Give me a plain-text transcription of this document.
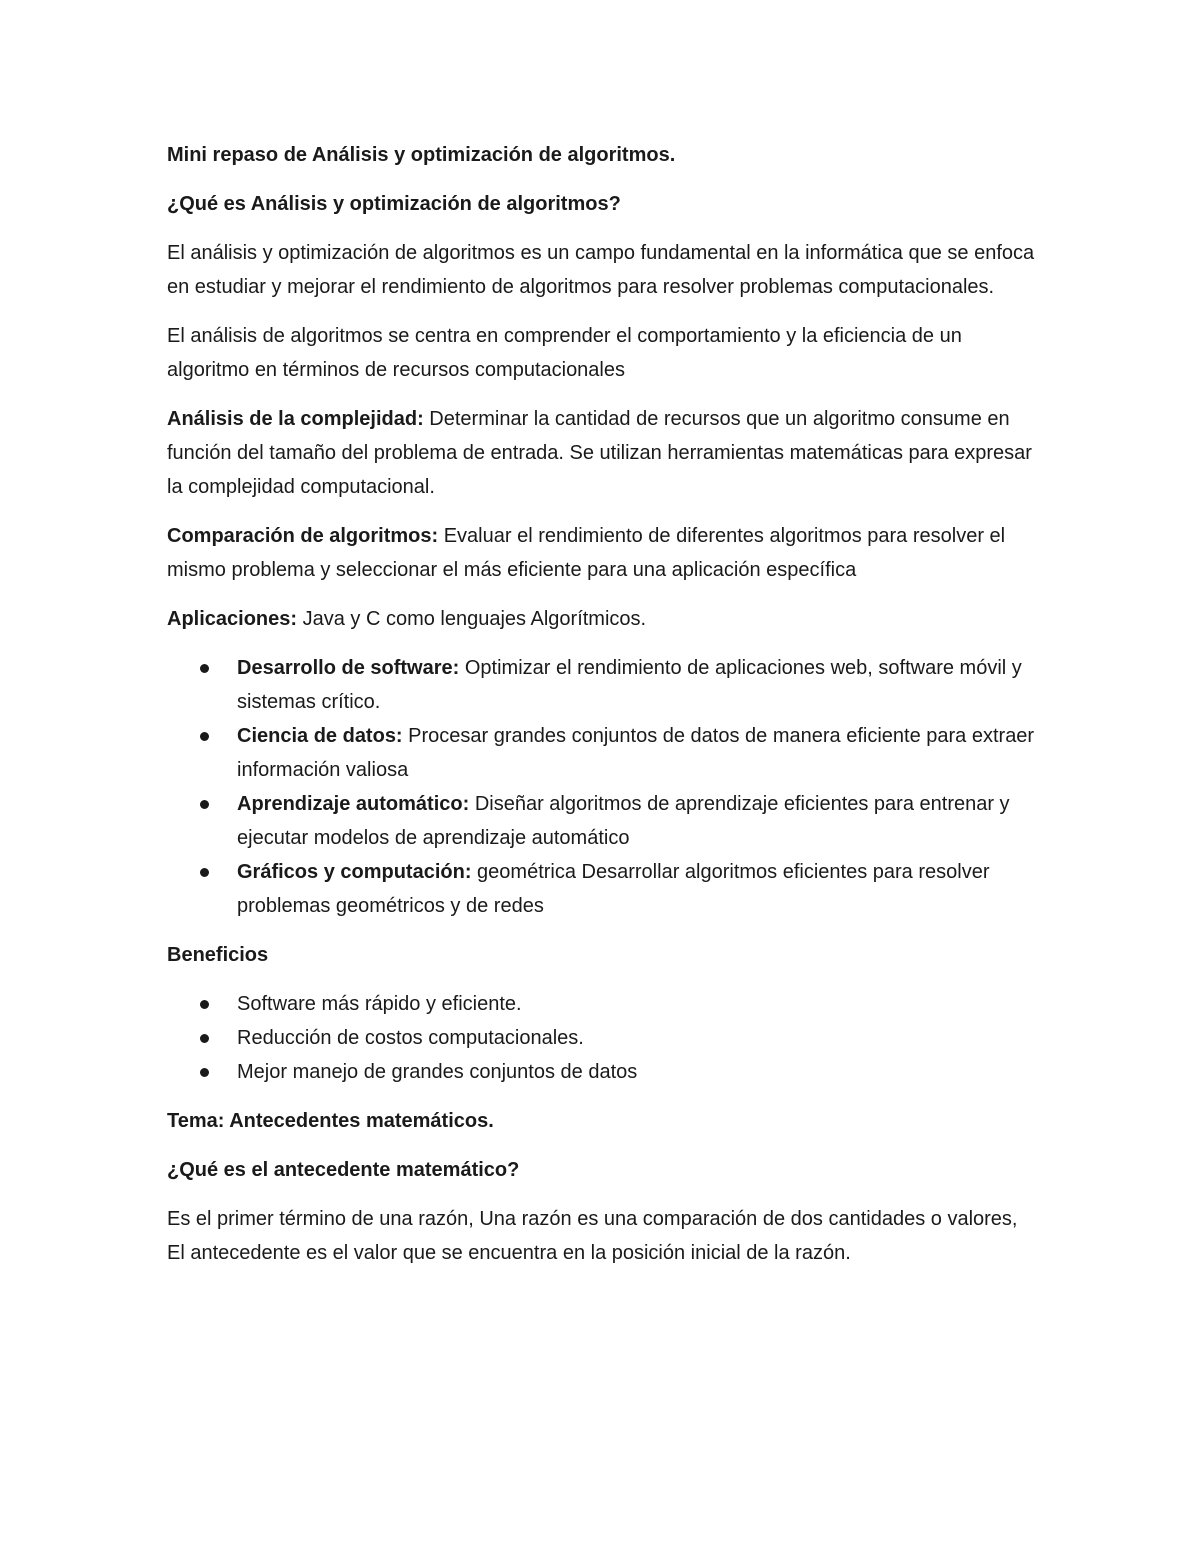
Mini repaso de Análisis y optimización de algoritmos.

¿Qué es Análisis y optimización de algoritmos?

El análisis y optimización de algoritmos es un campo fundamental en la informática que se enfoca en estudiar y mejorar el rendimiento de algoritmos para resolver problemas computacionales.

El análisis de algoritmos se centra en comprender el comportamiento y la eficiencia de un algoritmo en términos de recursos computacionales

Análisis de la complejidad: Determinar la cantidad de recursos que un algoritmo consume en función del tamaño del problema de entrada. Se utilizan herramientas matemáticas para expresar la complejidad computacional.

Comparación de algoritmos: Evaluar el rendimiento de diferentes algoritmos para resolver el mismo problema y seleccionar el más eficiente para una aplicación específica

Aplicaciones: Java y C como lenguajes Algorítmicos.

Desarrollo de software: Optimizar el rendimiento de aplicaciones web, software móvil y sistemas crítico.
Ciencia de datos: Procesar grandes conjuntos de datos de manera eficiente para extraer información valiosa
Aprendizaje automático: Diseñar algoritmos de aprendizaje eficientes para entrenar y ejecutar modelos de aprendizaje automático
Gráficos y computación: geométrica Desarrollar algoritmos eficientes para resolver problemas geométricos y de redes

Beneficios

Software más rápido y eficiente.
Reducción de costos computacionales.
Mejor manejo de grandes conjuntos de datos

Tema: Antecedentes matemáticos.

¿Qué es el antecedente matemático?

Es el primer término de una razón, Una razón es una comparación de dos cantidades o valores, El antecedente es el valor que se encuentra en la posición inicial de la razón.
